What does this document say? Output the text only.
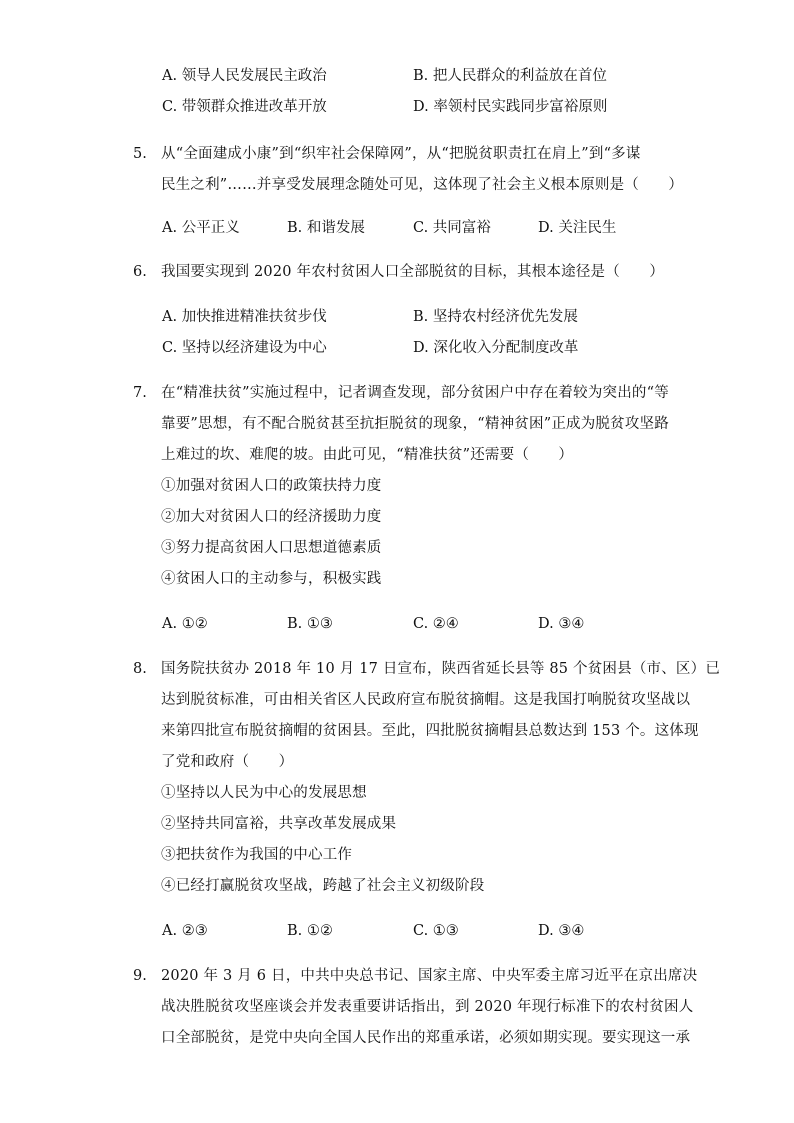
A. 领导人民发展民主政治	B. 把人民群众的利益放在首位
C. 带领群众推进改革开放	D. 率领村民实践同步富裕原则
5. 从“全面建成小康”到“织牢社会保障网”，从“把脱贫职责扛在肩上”到“多谋
民生之利”……并享受发展理念随处可见，这体现了社会主义根本原则是（　　）
A. 公平正义	B. 和谐发展	C. 共同富裕	D. 关注民生
6. 我国要实现到 2020 年农村贫困人口全部脱贫的目标，其根本途径是（　　）
A. 加快推进精准扶贫步伐	B. 坚持农村经济优先发展
C. 坚持以经济建设为中心	D. 深化收入分配制度改革
7. 在“精准扶贫”实施过程中，记者调查发现，部分贫困户中存在着较为突出的“等
靠要”思想，有不配合脱贫甚至抗拒脱贫的现象，“精神贫困”正成为脱贫攻坚路
上难过的坎、难爬的坡。由此可见，“精准扶贫”还需要（　　）
①加强对贫困人口的政策扶持力度
②加大对贫困人口的经济援助力度
③努力提高贫困人口思想道德素质
④贫困人口的主动参与，积极实践
A. ①②	B. ①③	C. ②④	D. ③④
8. 国务院扶贫办 2018 年 10 月 17 日宣布，陕西省延长县等 85 个贫困县（市、区）已
达到脱贫标准，可由相关省区人民政府宣布脱贫摘帽。这是我国打响脱贫攻坚战以
来第四批宣布脱贫摘帽的贫困县。至此，四批脱贫摘帽县总数达到 153 个。这体现
了党和政府（　　）
①坚持以人民为中心的发展思想
②坚持共同富裕，共享改革发展成果
③把扶贫作为我国的中心工作
④已经打赢脱贫攻坚战，跨越了社会主义初级阶段
A. ②③	B. ①②	C. ①③	D. ③④
9. 2020 年 3 月 6 日，中共中央总书记、国家主席、中央军委主席习近平在京出席决
战决胜脱贫攻坚座谈会并发表重要讲话指出，到 2020 年现行标准下的农村贫困人
口全部脱贫，是党中央向全国人民作出的郑重承诺，必须如期实现。要实现这一承
